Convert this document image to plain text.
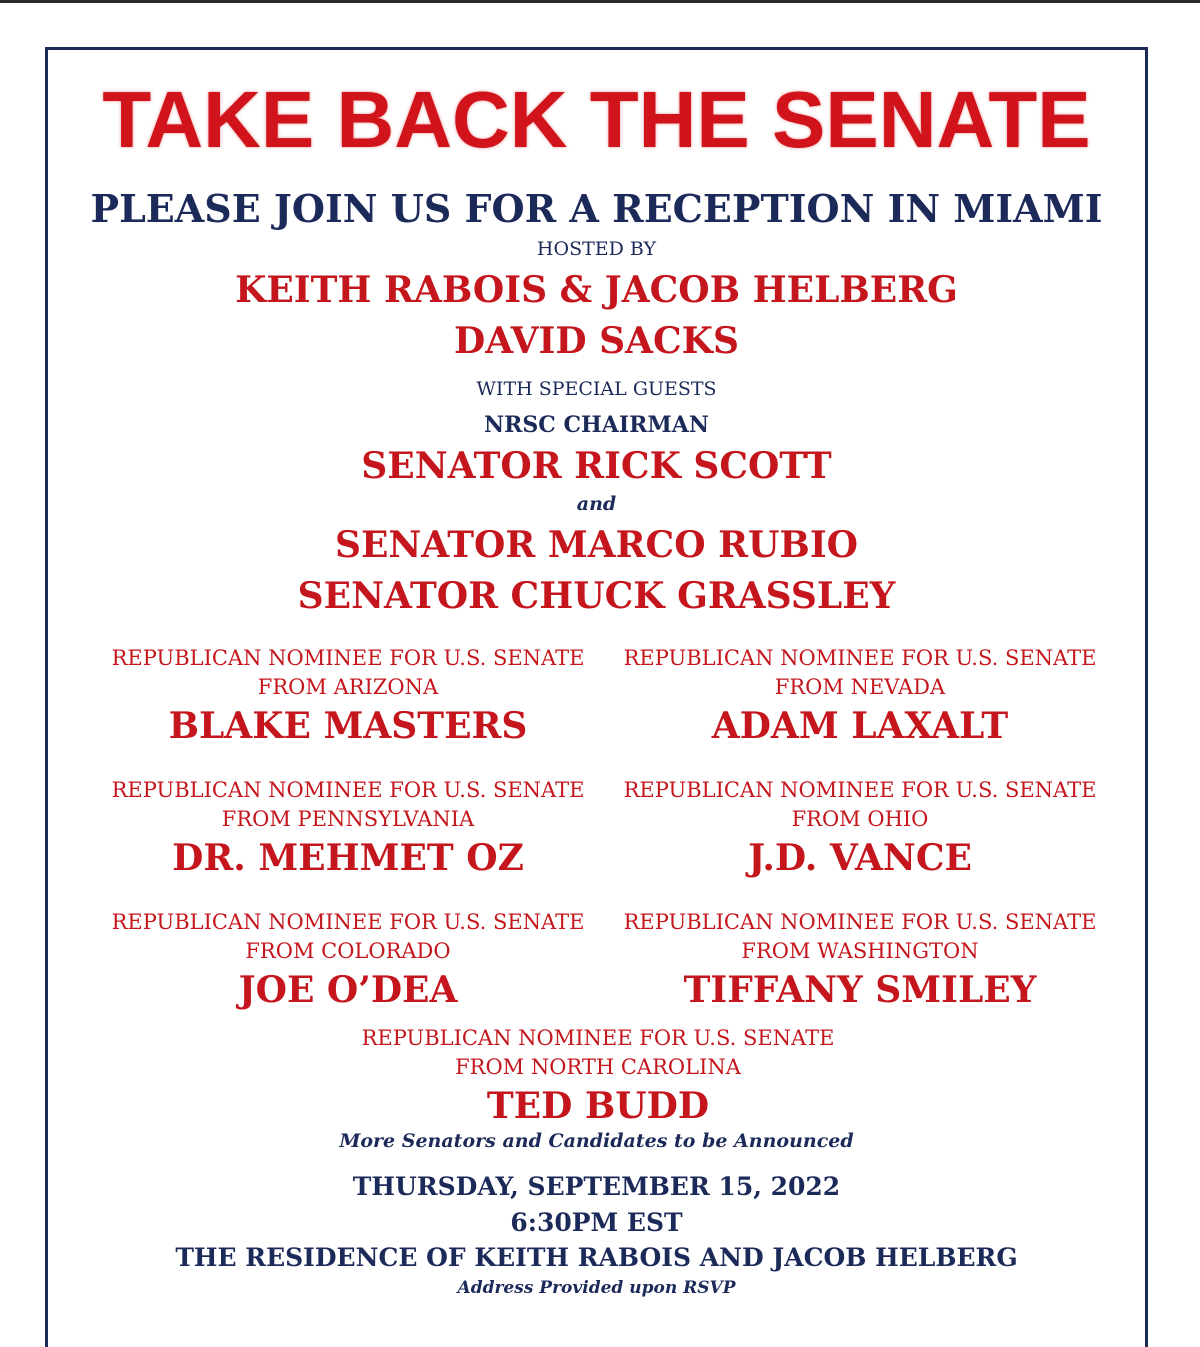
TAKE BACK THE SENATE
PLEASE JOIN US FOR A RECEPTION IN MIAMI
HOSTED BY
KEITH RABOIS & JACOB HELBERG
DAVID SACKS
WITH SPECIAL GUESTS
NRSC CHAIRMAN
SENATOR RICK SCOTT
and
SENATOR MARCO RUBIO
SENATOR CHUCK GRASSLEY
REPUBLICAN NOMINEE FOR U.S. SENATE
FROM ARIZONA
BLAKE MASTERS
REPUBLICAN NOMINEE FOR U.S. SENATE
FROM NEVADA
ADAM LAXALT
REPUBLICAN NOMINEE FOR U.S. SENATE
FROM PENNSYLVANIA
DR. MEHMET OZ
REPUBLICAN NOMINEE FOR U.S. SENATE
FROM OHIO
J.D. VANCE
REPUBLICAN NOMINEE FOR U.S. SENATE
FROM COLORADO
JOE O’DEA
REPUBLICAN NOMINEE FOR U.S. SENATE
FROM WASHINGTON
TIFFANY SMILEY
REPUBLICAN NOMINEE FOR U.S. SENATE
FROM NORTH CAROLINA
TED BUDD
More Senators and Candidates to be Announced
THURSDAY, SEPTEMBER 15, 2022
6:30PM EST
THE RESIDENCE OF KEITH RABOIS AND JACOB HELBERG
Address Provided upon RSVP
